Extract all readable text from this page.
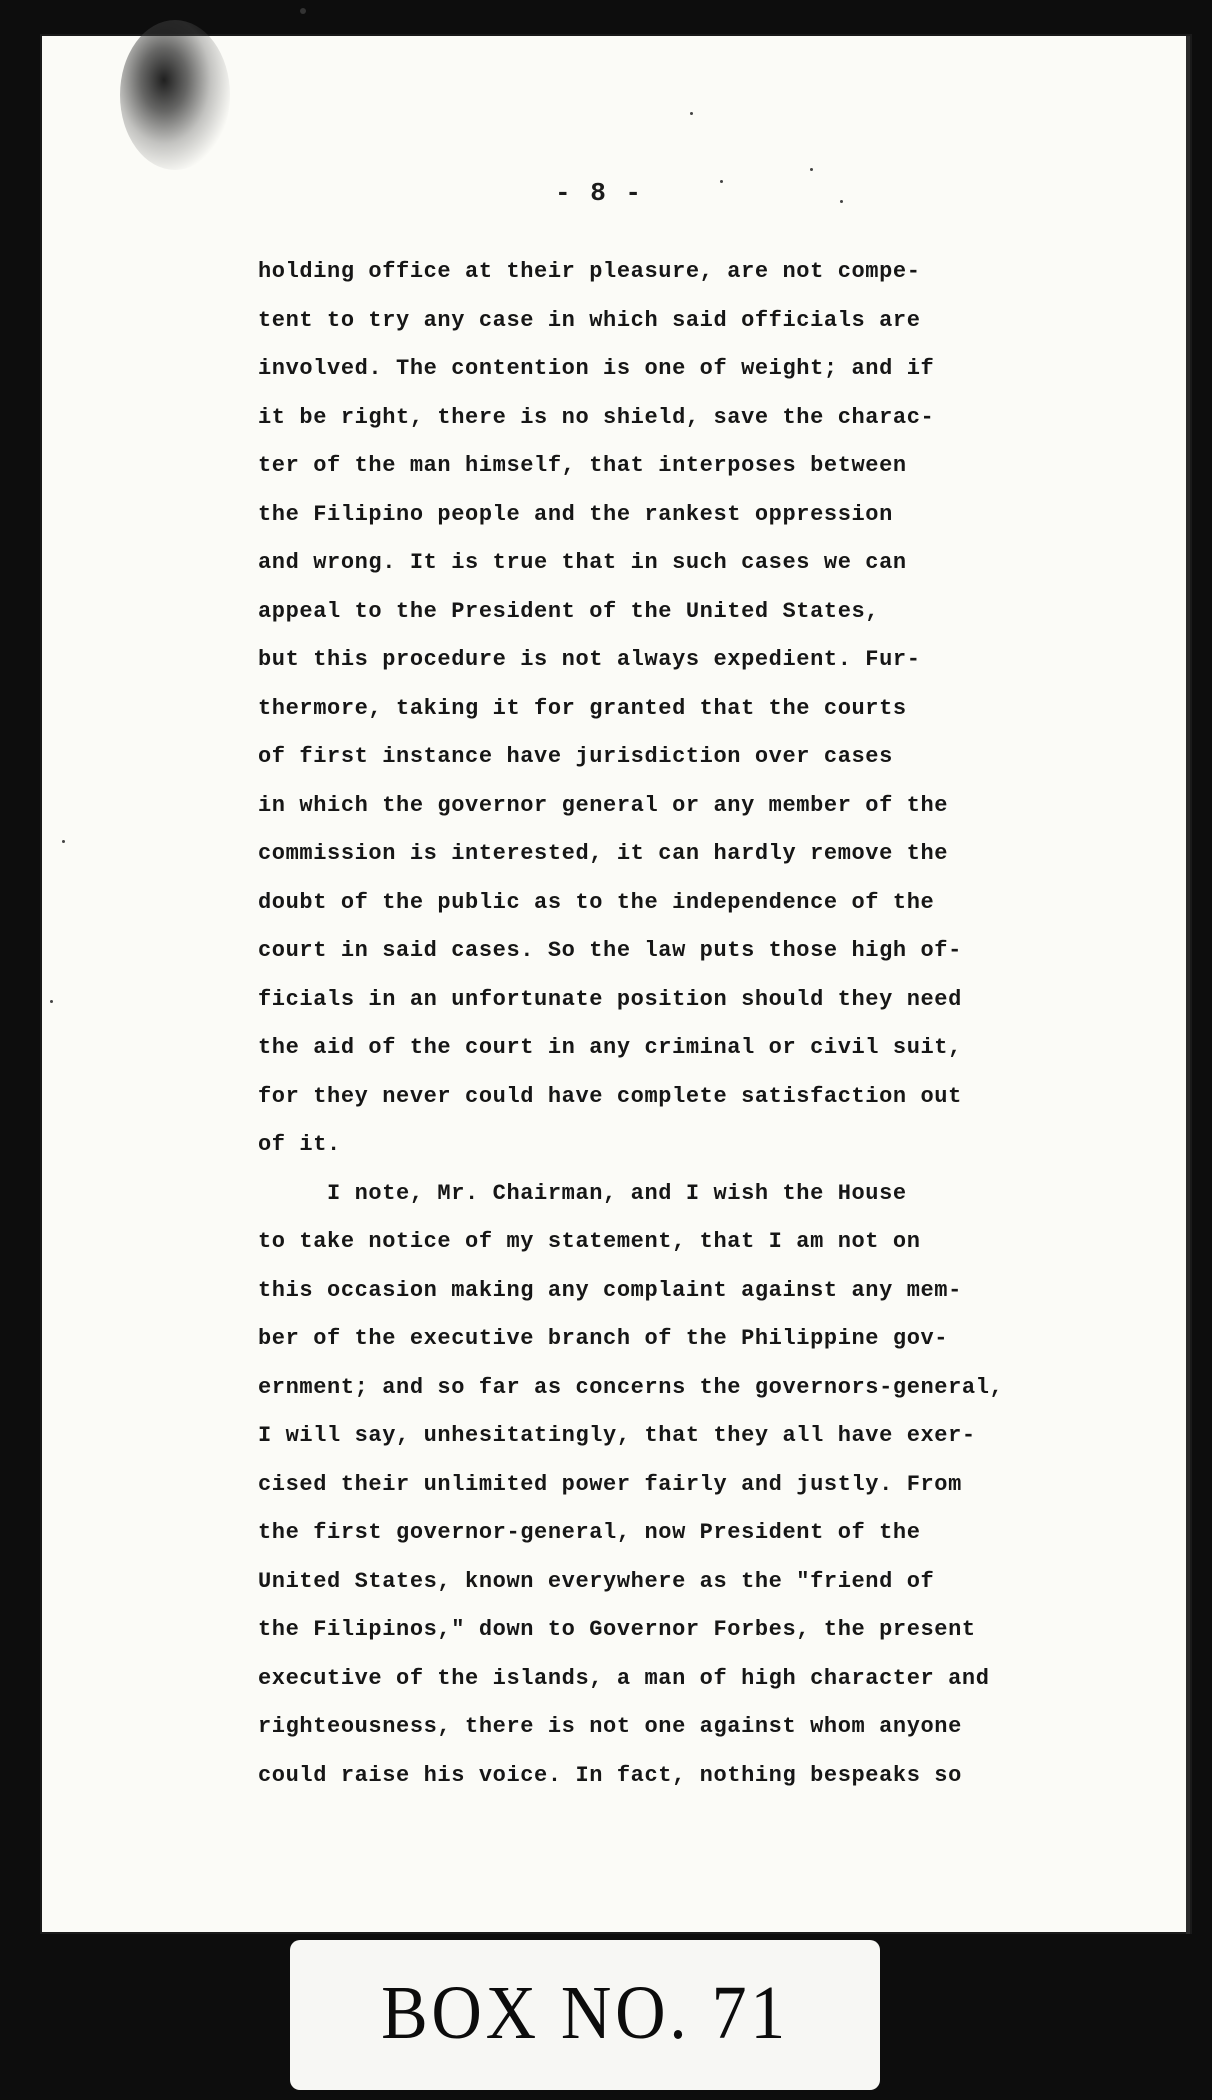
- 8 -
holding office at their pleasure, are not compe-
tent to try any case in which said officials are
involved. The contention is one of weight; and if
it be right, there is no shield, save the charac-
ter of the man himself, that interposes between
the Filipino people and the rankest oppression
and wrong. It is true that in such cases we can
appeal to the President of the United States,
but this procedure is not always expedient. Fur-
thermore, taking it for granted that the courts
of first instance have jurisdiction over cases
in which the governor general or any member of the
commission is interested, it can hardly remove the
doubt of the public as to the independence of the
court in said cases. So the law puts those high of-
ficials in an unfortunate position should they need
the aid of the court in any criminal or civil suit,
for they never could have complete satisfaction out
of it.
I note, Mr. Chairman, and I wish the House
to take notice of my statement, that I am not on
this occasion making any complaint against any mem-
ber of the executive branch of the Philippine gov-
ernment; and so far as concerns the governors-general,
I will say, unhesitatingly, that they all have exer-
cised their unlimited power fairly and justly. From
the first governor-general, now President of the
United States, known everywhere as the "friend of
the Filipinos," down to Governor Forbes, the present
executive of the islands, a man of high character and
righteousness, there is not one against whom anyone
could raise his voice. In fact, nothing bespeaks so
BOX NO. 71
